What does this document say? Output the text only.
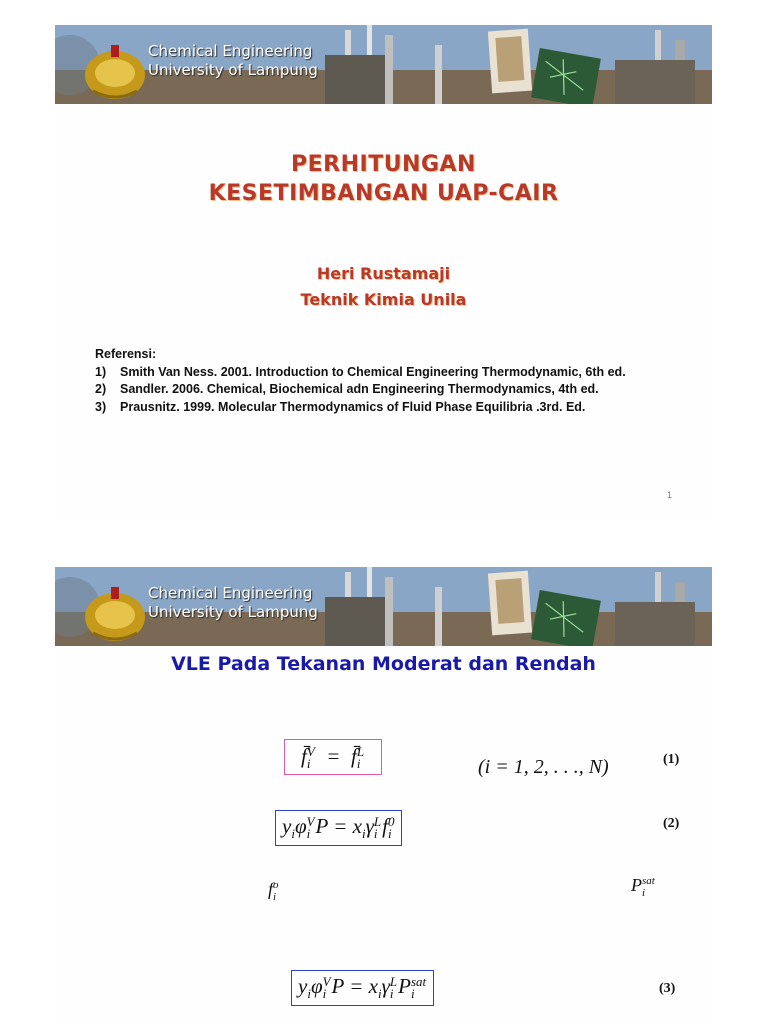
Chemical Engineering
University of Lampung
PERHITUNGAN
KESETIMBANGAN UAP-CAIR
Heri Rustamaji
Teknik Kimia Unila
Referensi:
1)	Smith Van Ness. 2001. Introduction to Chemical Engineering Thermodynamic, 6th ed.
2)	Sandler. 2006. Chemical, Biochemical adn Engineering Thermodynamics, 4th ed.
3)	Prausnitz. 1999. Molecular Thermodynamics of Fluid Phase Equilibria .3rd. Ed.
1
Chemical Engineering
University of Lampung
VLE Pada Tekanan Moderat dan Rendah
f̄ V
i =  f̄ L
i	(i = 1, 2, . . ., N)	(1)
$y_i\varphi$ V
i $P = x_i\gamma$ L
i f 0
i
(2)
f o
i
P sat
i
$y_i\varphi$ V
i $P = x_i\gamma$ L
i P sat
i	(3)
